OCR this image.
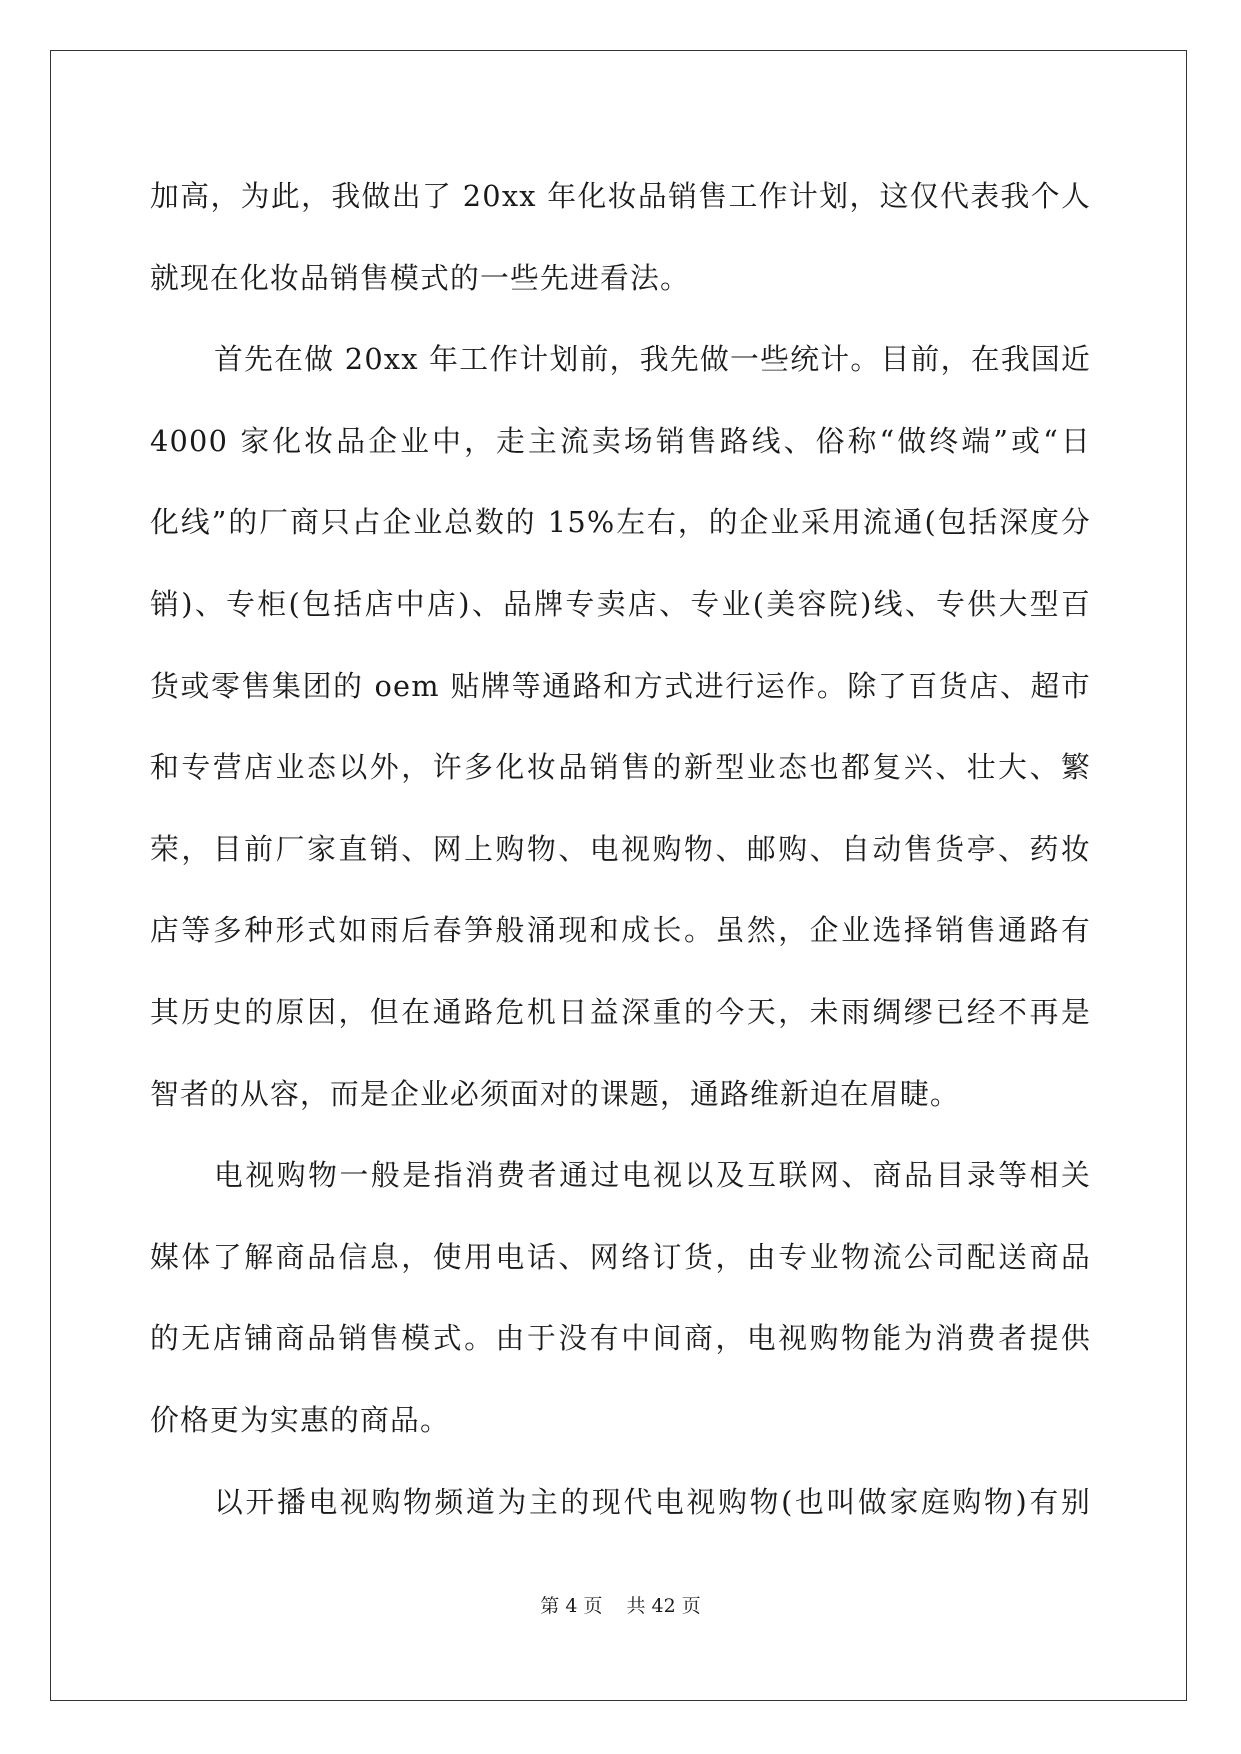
加高，为此，我做出了 20xx 年化妆品销售工作计划，这仅代表我个人
就现在化妆品销售模式的一些先进看法。

首先在做 20xx 年工作计划前，我先做一些统计。目前，在我国近
4000 家化妆品企业中，走主流卖场销售路线、俗称“做终端”或“日
化线”的厂商只占企业总数的 15%左右，的企业采用流通(包括深度分
销)、专柜(包括店中店)、品牌专卖店、专业(美容院)线、专供大型百
货或零售集团的 oem 贴牌等通路和方式进行运作。除了百货店、超市
和专营店业态以外，许多化妆品销售的新型业态也都复兴、壮大、繁
荣，目前厂家直销、网上购物、电视购物、邮购、自动售货亭、药妆
店等多种形式如雨后春笋般涌现和成长。虽然，企业选择销售通路有
其历史的原因，但在通路危机日益深重的今天，未雨绸缪已经不再是
智者的从容，而是企业必须面对的课题，通路维新迫在眉睫。

电视购物一般是指消费者通过电视以及互联网、商品目录等相关
媒体了解商品信息，使用电话、网络订货，由专业物流公司配送商品
的无店铺商品销售模式。由于没有中间商，电视购物能为消费者提供
价格更为实惠的商品。

以开播电视购物频道为主的现代电视购物(也叫做家庭购物)有别

第 4 页 共 42 页
